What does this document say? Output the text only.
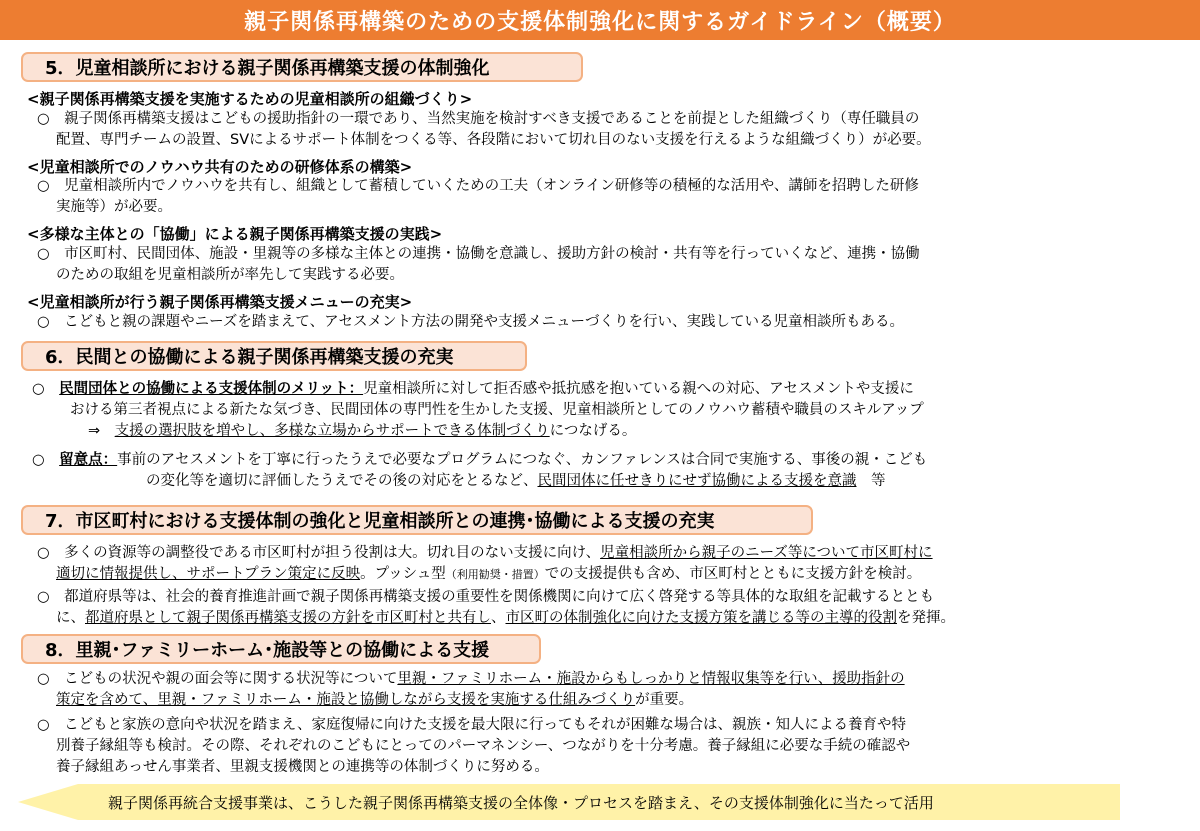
親子関係再構築のための支援体制強化に関するガイドライン（概要）
5．児童相談所における親子関係再構築支援の体制強化
<親子関係再構築支援を実施するための児童相談所の組織づくり>
○　親子関係再構築支援はこどもの援助指針の一環であり、当然実施を検討すべき支援であることを前提とした組織づくり（専任職員の
配置、専門チームの設置、SVによるサポート体制をつくる等、各段階において切れ目のない支援を行えるような組織づくり）が必要。
<児童相談所でのノウハウ共有のための研修体系の構築>
○　児童相談所内でノウハウを共有し、組織として蓄積していくための工夫（オンライン研修等の積極的な活用や、講師を招聘した研修
実施等）が必要。
<多様な主体との「協働」による親子関係再構築支援の実践>
○　市区町村、民間団体、施設・里親等の多様な主体との連携・協働を意識し、援助方針の検討・共有等を行っていくなど、連携・協働
のための取組を児童相談所が率先して実践する必要。
<児童相談所が行う親子関係再構築支援メニューの充実>
○　こどもと親の課題やニーズを踏まえて、アセスメント方法の開発や支援メニューづくりを行い、実践している児童相談所もある。
6．民間との協働による親子関係再構築支援の充実
○　 民間団体との協働による支援体制のメリット：児童相談所に対して拒否感や抵抗感を抱いている親への対応、アセスメントや支援に
おける第三者視点による新たな気づき、民間団体の専門性を生かした支援、児童相談所としてのノウハウ蓄積や職員のスキルアップ
⇒　 支援の選択肢を増やし、多様な立場からサポートできる体制づくりにつなげる。
○　 留意点：事前のアセスメントを丁寧に行ったうえで必要なプログラムにつなぐ、カンファレンスは合同で実施する、事後の親・こども
の変化等を適切に評価したうえでその後の対応をとるなど、民間団体に任せきりにせず協働による支援を意識　等
7．市区町村における支援体制の強化と児童相談所との連携･協働による支援の充実
○　多くの資源等の調整役である市区町村が担う役割は大。切れ目のない支援に向け、児童相談所から親子のニーズ等について市区町村に
適切に情報提供し、サポートプラン策定に反映。プッシュ型（利用勧奨・措置）での支援提供も含め、市区町村とともに支援方針を検討。
○　都道府県等は、社会的養育推進計画で親子関係再構築支援の重要性を関係機関に向けて広く啓発する等具体的な取組を記載するととも
に、都道府県として親子関係再構築支援の方針を市区町村と共有し、市区町の体制強化に向けた支援方策を講じる等の主導的役割を発揮。
8．里親･ファミリーホーム･施設等との協働による支援
○　こどもの状況や親の面会等に関する状況等について里親・ファミリホーム・施設からもしっかりと情報収集等を行い、援助指針の
策定を含めて、里親・ファミリホーム・施設と協働しながら支援を実施する仕組みづくりが重要。
○　こどもと家族の意向や状況を踏まえ、家庭復帰に向けた支援を最大限に行ってもそれが困難な場合は、親族・知人による養育や特
別養子縁組等も検討。その際、それぞれのこどもにとってのパーマネンシー、つながりを十分考慮。養子縁組に必要な手続の確認や
養子縁組あっせん事業者、里親支援機関との連携等の体制づくりに努める。
親子関係再統合支援事業は、こうした親子関係再構築支援の全体像・プロセスを踏まえ、その支援体制強化に当たって活用
